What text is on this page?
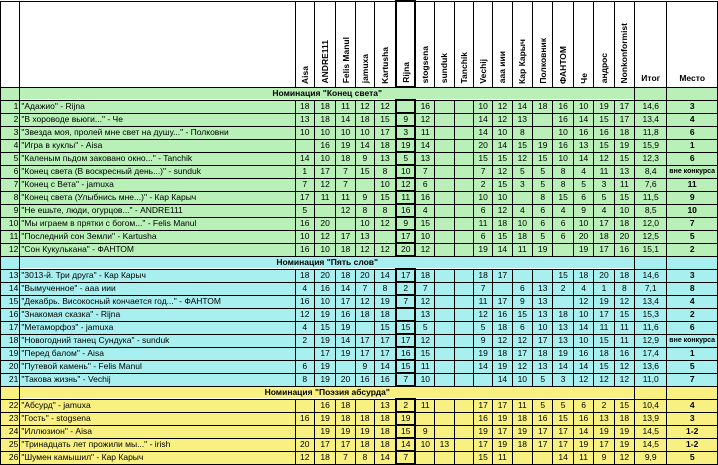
		Aisa	ANDRE111	Felis Manul	jamuxa	Kartusha	Rijna	stogsena	sunduk	Tanchik	Vechij	ааа иии	Кар Карыч	Полковник	ФАНТОМ	Че	андрос	Nonkonformist	Итог	Место
	Номинация "Конец света"																			
1	"Адажио" - Rijna	18	18	11	12	12		16			10	12	14	18	16	10	19	17	14,6	3
2	"В хороводе вьюги..." - Че	13	18	14	18	15	9	12			14	12	13		16	14	15	17	13,4	4
3	"Звезда моя, пролей мне свет на душу..." - Полковни	10	10	10	10	17	3	11			14	10	8		10	16	16	18	11,8	6
4	"Игра в куклы" - Aisa		16	19	14	18	19	14			20	14	15	19	16	13	15	19	15,9	1
5	"Каленым пьдом заковано окно..." - Tanchik	14	10	18	9	13	5	13			15	15	12	15	10	14	12	15	12,3	6
6	"Конец света (В воскресный день...)" - sunduk	1	17	7	15	8	10	7			7	12	5	5	8	4	11	13	8,4	вне конкурса
7	"Конец с Вета" - jamuxa	7	12	7		10	12	6			2	15	3	5	8	5	3	11	7,6	11
8	"Конец света (Улыбнись мне...)" - Кар Карыч	17	11	11	9	15	11	16			10	10		8	15	6	5	15	11,5	9
9	"Не ешьте, люди, огурцов..." - ANDRE111	5		12	8	8	16	4			6	12	4	6	4	9	4	10	8,5	10
10	"Мы играем в прятки с богом..." - Felis Manul	16	20		10	12	9	15			11	18	10	6	6	10	17	18	12,0	7
11	"Последний сон Земли" - Kartusha	10	12	17	13		17	10			6	15	18	5	6	20	18	20	12,5	5
12	"Сон Кукулькана" - ФАНТОМ	16	10	18	12	12	20	12			19	14	11	19		19	17	16	15,1	2
	Номинация "Пять слов"																			
13	"3013-й. Три друга" - Кар Карыч	18	20	18	20	14	17	18			18	17			15	18	20	18	14,6	3
14	"Вымученное" - ааа иии	4	16	14	7	8	2	7			7		6	13	2	4	1	8	7,1	8
15	"Декабрь. Високосный кончается год..." - ФАНТОМ	16	10	17	12	19	7	12			11	17	9	13		12	19	12	13,4	4
16	"Знакомая сказка" - Rijna	12	19	16	18	18		13			12	16	15	13	18	10	17	15	15,3	2
17	"Метаморфоз" - jamuxa	4	15	19		15	15	5			5	18	6	10	13	14	11	11	11,6	6
18	"Новогодний танец Сундука" - sunduk	2	19	14	17	17	17	12			9	12	12	17	13	10	15	11	12,9	вне конкурса
19	"Перед балом" - Aisa		17	19	17	17	16	15			19	18	17	18	19	16	18	16	17,4	1
20	"Путевой камень" - Felis Manul	6	19		9	14	15	11			14	19	12	13	14	14	15	12	13,6	5
21	"Такова жизнь" - Vechij	8	19	20	16	16	7	10				14	10	5	3	12	12	12	11,0	7
	Номинация "Поэзия абсурда"																			
22	"Абсурд" - jamuxa		16	18		13	2	11			17	17	11	5	5	6	2	15	10,4	4
23	"Гость" - stogsena	16	19	18	18	18	19				16	19	18	16	15	16	13	18	13,9	3
24	"Иллюзион" - Aisa		19	19	19	18	15	9			19	17	19	17	17	14	19	19	14,5	1-2
25	"Тринадцать лет прожили мы..." - irish	20	17	17	18	18	14	10	13		17	19	18	17	17	19	17	19	14,5	1-2
26	"Шумен камышил" - Кар Карыч	12	18	7	8	14	7				15	11			14	11	9	12	9,9	5
